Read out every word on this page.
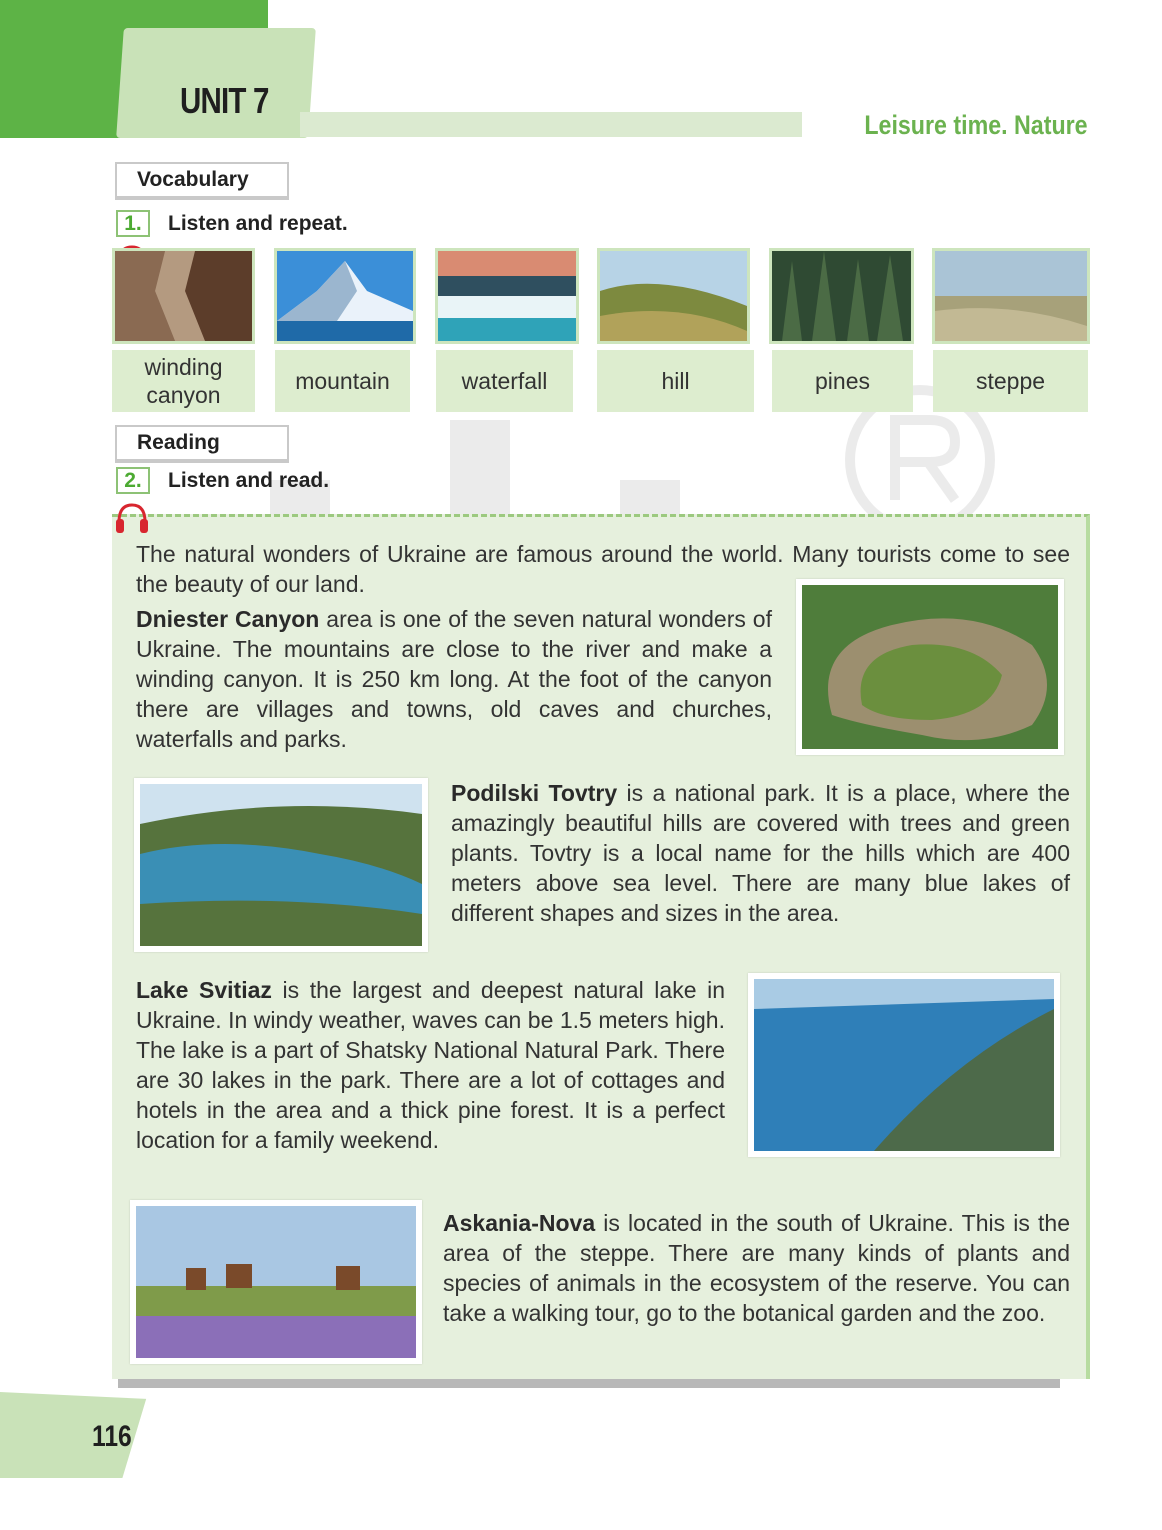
UNIT 7
Leisure time. Nature
Vocabulary
1.	Listen and repeat.
winding canyon
mountain	waterfall	hill	pines	steppe
Reading
2.	Listen and read.
The natural wonders of Ukraine are famous around the world. Many tourists come to see the beauty of our land.
Dniester Canyon area is one of the seven natural wonders of Ukraine. The mountains are close to the river and make a winding canyon. It is 250 km long. At the foot of the canyon there are villages and towns, old caves and churches, waterfalls and parks.
Podilski Tovtry is a national park. It is a place, where the amazingly beautiful hills are covered with trees and green plants. Tovtry is a local name for the hills which are 400 meters above sea level. There are many blue lakes of different shapes and sizes in the area.
Lake Svitiaz is the largest and deepest natural lake in Ukraine. In windy weather, waves can be 1.5 meters high. The lake is a part of Shatsky National Natural Park. There are 30 lakes in the park. There are a lot of cottages and hotels in the area and a thick pine forest. It is a perfect location for a family weekend.
Askania-Nova is located in the south of Ukraine. This is the area of the steppe. There are many kinds of plants and species of animals in the ecosystem of the reserve. You can take a walking tour, go to the botanical garden and the zoo.
116
